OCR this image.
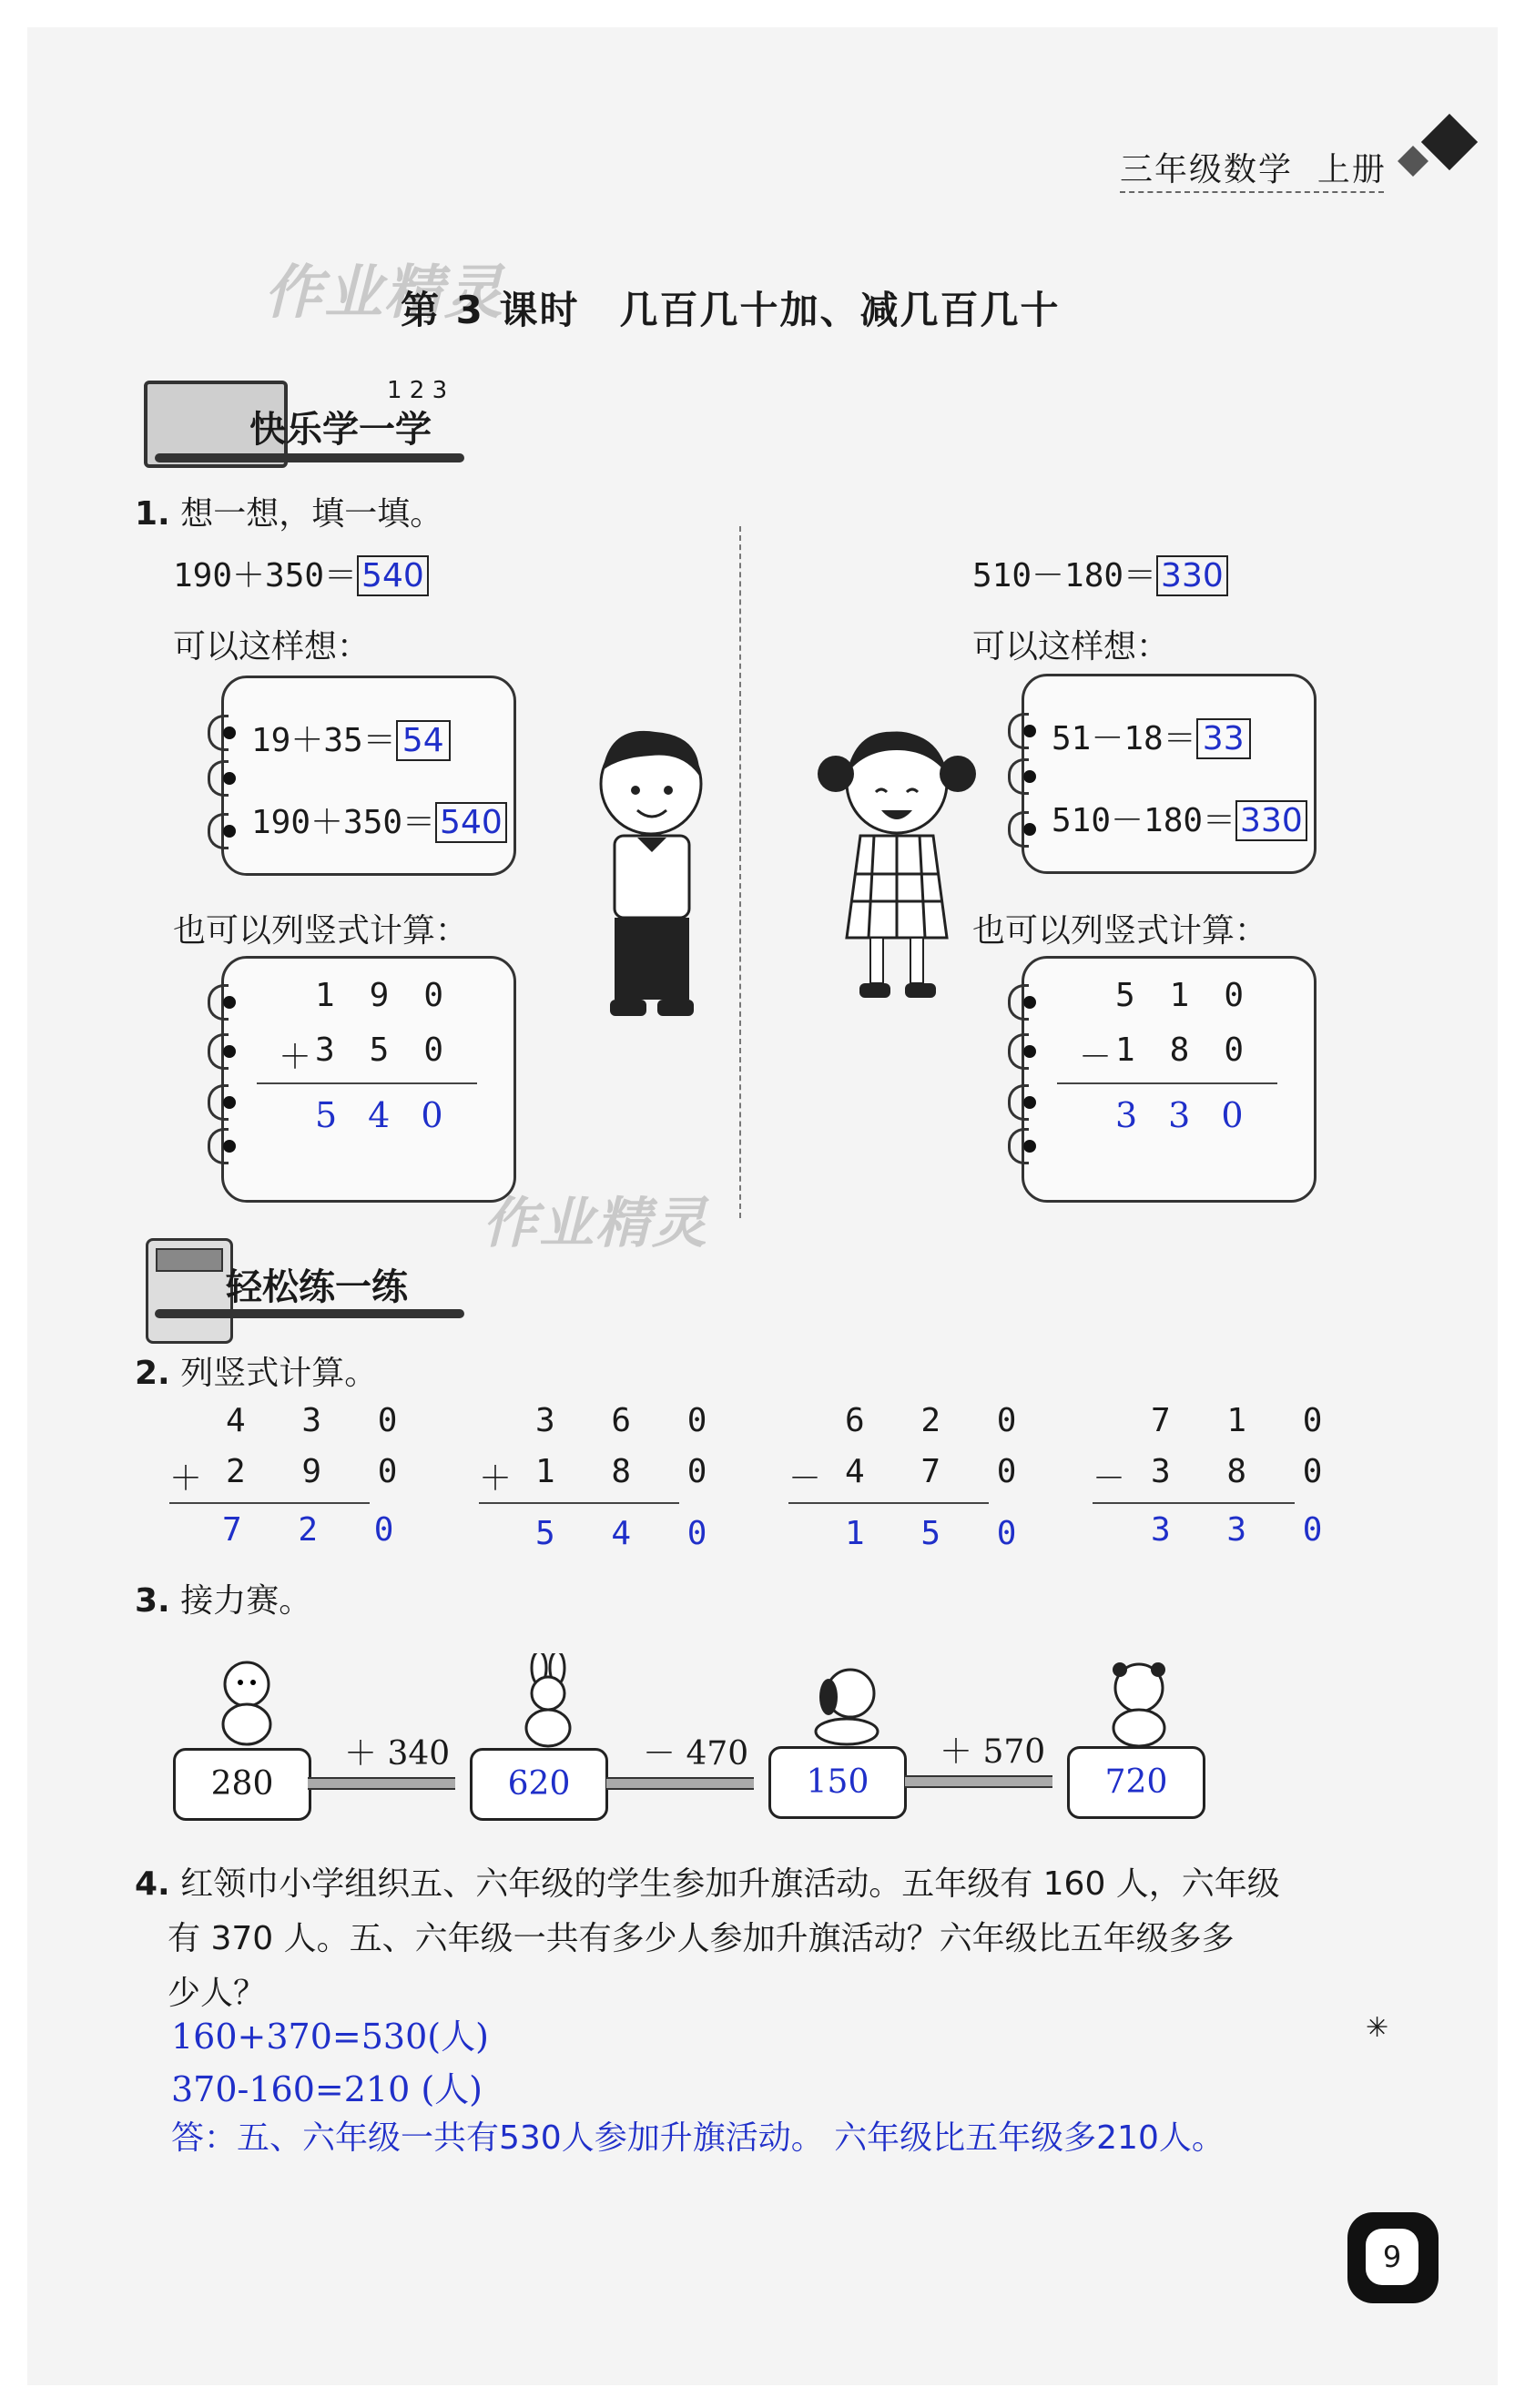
三年级数学 上册
作业精灵
第 3 课时　几百几十加、减几百几十
快乐学一学
1 2 3
1. 想一想，填一填。
190＋350＝ 540
可以这样想：
19＋35＝ 54
190＋350＝ 540
也可以列竖式计算：
190
＋ 350
540
510－180＝ 330
可以这样想：
51－18＝ 33
510－180＝ 330
也可以列竖式计算：
510
－ 180
330
作业精灵
轻松练一练
2. 列竖式计算。
4 3 0
＋ 2 9 0
7 2 0
3 6 0
＋ 1 8 0
5 4 0
6 2 0
－ 4 7 0
1 5 0
7 1 0
－ 3 8 0
3 3 0
3. 接力赛。
280
＋ 340
620
－ 470
150
＋ 570
720
4. 红领巾小学组织五、六年级的学生参加升旗活动。五年级有 160 人，六年级
有 370 人。五、六年级一共有多少人参加升旗活动？六年级比五年级多多
少人？
160+370=530(人)
370-160=210 (人)
答：五、六年级一共有530人参加升旗活动。 六年级比五年级多210人。
✳
9
